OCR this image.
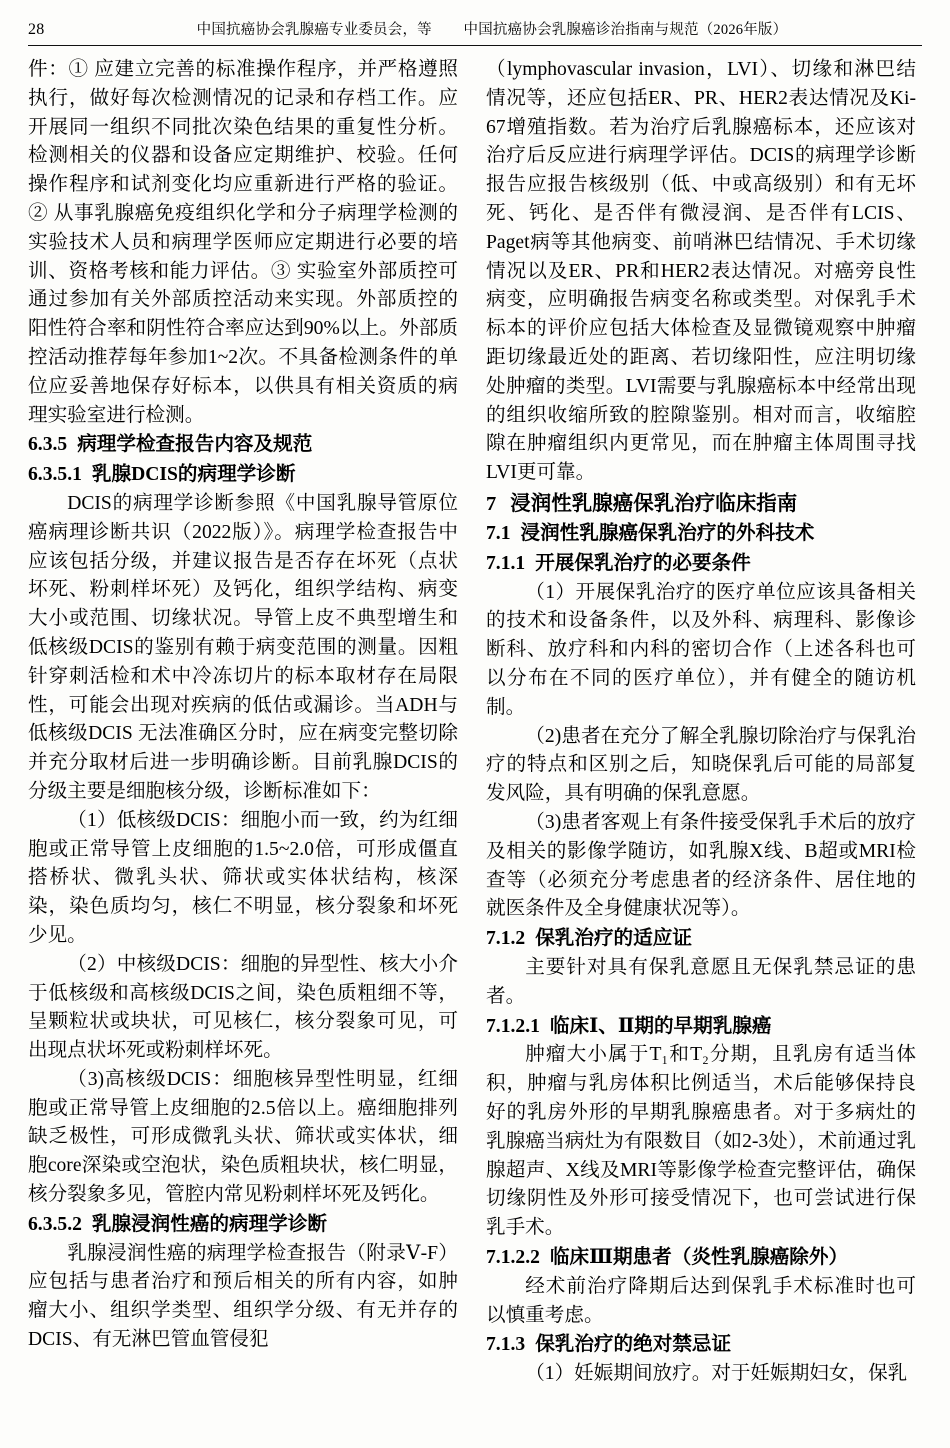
28	中国抗癌协会乳腺癌专业委员会，等 中国抗癌协会乳腺癌诊治指南与规范（2026年版）

件：① 应建立完善的标准操作程序，并严格遵照执行，做好每次检测情况的记录和存档工作。应开展同一组织不同批次染色结果的重复性分析。检测相关的仪器和设备应定期维护、校验。任何操作程序和试剂变化均应重新进行严格的验证。② 从事乳腺癌免疫组织化学和分子病理学检测的实验技术人员和病理学医师应定期进行必要的培训、资格考核和能力评估。③ 实验室外部质控可通过参加有关外部质控活动来实现。外部质控的阳性符合率和阴性符合率应达到90%以上。外部质控活动推荐每年参加1~2次。不具备检测条件的单位应妥善地保存好标本，以供具有相关资质的病理实验室进行检测。

6.3.5 病理学检查报告内容及规范

6.3.5.1 乳腺DCIS的病理学诊断

DCIS的病理学诊断参照《中国乳腺导管原位癌病理诊断共识（2022版）》。病理学检查报告中应该包括分级，并建议报告是否存在坏死（点状坏死、粉刺样坏死）及钙化，组织学结构、病变大小或范围、切缘状况。导管上皮不典型增生和低核级DCIS的鉴别有赖于病变范围的测量。因粗针穿刺活检和术中冷冻切片的标本取材存在局限性，可能会出现对疾病的低估或漏诊。当ADH与低核级DCIS 无法准确区分时，应在病变完整切除并充分取材后进一步明确诊断。目前乳腺DCIS的分级主要是细胞核分级，诊断标准如下：

（1）低核级DCIS：细胞小而一致，约为红细胞或正常导管上皮细胞的1.5~2.0倍，可形成僵直搭桥状、微乳头状、筛状或实体状结构，核深染，染色质均匀，核仁不明显，核分裂象和坏死少见。

（2）中核级DCIS：细胞的异型性、核大小介于低核级和高核级DCIS之间，染色质粗细不等，呈颗粒状或块状，可见核仁，核分裂象可见，可出现点状坏死或粉刺样坏死。

（3)高核级DCIS：细胞核异型性明显，红细胞或正常导管上皮细胞的2.5倍以上。癌细胞排列缺乏极性，可形成微乳头状、筛状或实体状，细胞core深染或空泡状，染色质粗块状，核仁明显，核分裂象多见，管腔内常见粉刺样坏死及钙化。

6.3.5.2 乳腺浸润性癌的病理学诊断

乳腺浸润性癌的病理学检查报告（附录Ⅴ-F）应包括与患者治疗和预后相关的所有内容，如肿瘤大小、组织学类型、组织学分级、有无并存的DCIS、有无淋巴管血管侵犯

（lymphovascular invasion，LVI）、切缘和淋巴结情况等，还应包括ER、PR、HER2表达情况及Ki-67增殖指数。若为治疗后乳腺癌标本，还应该对治疗后反应进行病理学评估。DCIS的病理学诊断报告应报告核级别（低、中或高级别）和有无坏死、钙化、是否伴有微浸润、是否伴有LCIS、Paget病等其他病变、前哨淋巴结情况、手术切缘情况以及ER、PR和HER2表达情况。对癌旁良性病变，应明确报告病变名称或类型。对保乳手术标本的评价应包括大体检查及显微镜观察中肿瘤距切缘最近处的距离、若切缘阳性，应注明切缘处肿瘤的类型。LVI需要与乳腺癌标本中经常出现的组织收缩所致的腔隙鉴别。相对而言，收缩腔隙在肿瘤组织内更常见，而在肿瘤主体周围寻找LVI更可靠。

7 浸润性乳腺癌保乳治疗临床指南

7.1 浸润性乳腺癌保乳治疗的外科技术

7.1.1 开展保乳治疗的必要条件

（1）开展保乳治疗的医疗单位应该具备相关的技术和设备条件，以及外科、病理科、影像诊断科、放疗科和内科的密切合作（上述各科也可以分布在不同的医疗单位），并有健全的随访机制。

（2)患者在充分了解全乳腺切除治疗与保乳治疗的特点和区别之后，知晓保乳后可能的局部复发风险，具有明确的保乳意愿。

（3)患者客观上有条件接受保乳手术后的放疗及相关的影像学随访，如乳腺X线、B超或MRI检查等（必须充分考虑患者的经济条件、居住地的就医条件及全身健康状况等）。

7.1.2 保乳治疗的适应证

主要针对具有保乳意愿且无保乳禁忌证的患者。

7.1.2.1 临床Ⅰ、Ⅱ期的早期乳腺癌

肿瘤大小属于T₁和T₂分期，且乳房有适当体积，肿瘤与乳房体积比例适当，术后能够保持良好的乳房外形的早期乳腺癌患者。对于多病灶的乳腺癌当病灶为有限数目（如2-3处），术前通过乳腺超声、X线及MRI等影像学检查完整评估，确保切缘阴性及外形可接受情况下，也可尝试进行保乳手术。

7.1.2.2 临床Ⅲ期患者（炎性乳腺癌除外）

经术前治疗降期后达到保乳手术标准时也可以慎重考虑。

7.1.3 保乳治疗的绝对禁忌证

（1）妊娠期间放疗。对于妊娠期妇女，保乳
